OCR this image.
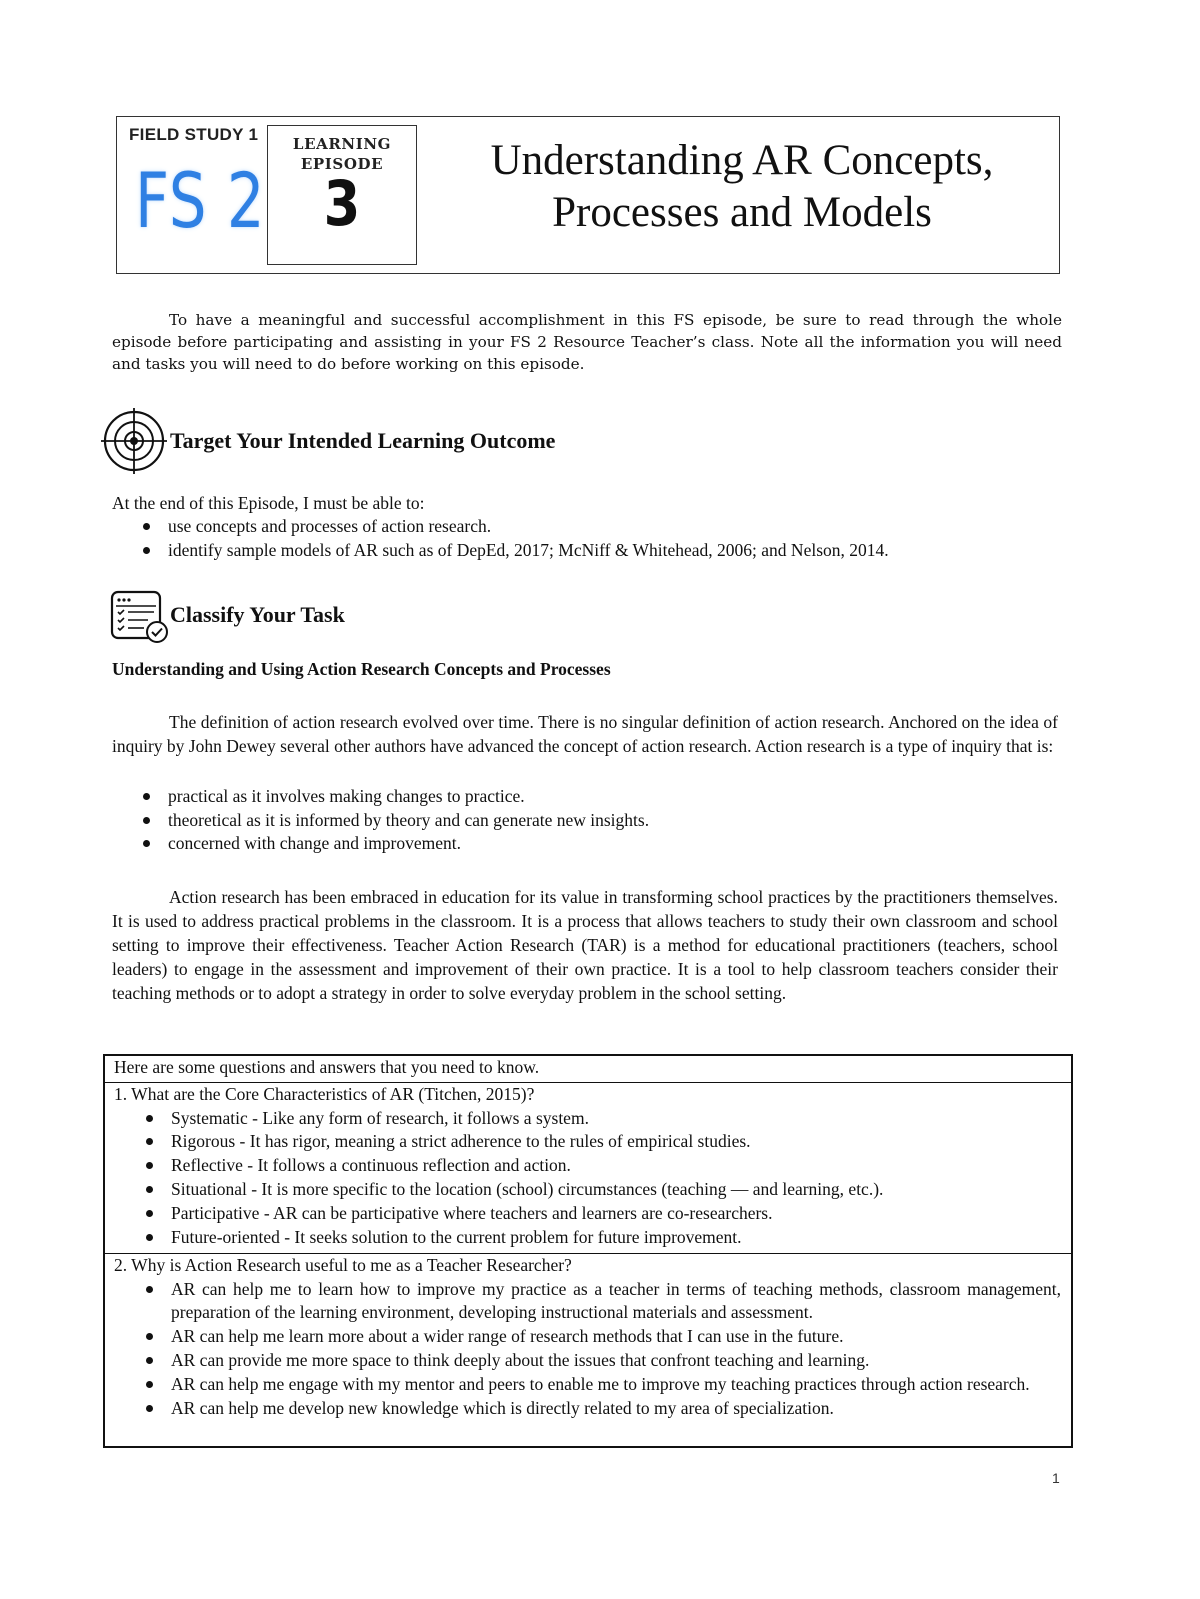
FIELD STUDY 1
FS 2
LEARNING EPISODE
3
Understanding AR Concepts,
Processes and Models

To have a meaningful and successful accomplishment in this FS episode, be sure to read through the whole episode before participating and assisting in your FS 2 Resource Teacher’s class. Note all the information you will need and tasks you will need to do before working on this episode.

Target Your Intended Learning Outcome

At the end of this Episode, I must be able to:

use concepts and processes of action research.
identify sample models of AR such as of DepEd, 2017; McNiff & Whitehead, 2006; and Nelson, 2014.
Classify Your Task
Understanding and Using Action Research Concepts and Processes

The definition of action research evolved over time. There is no singular definition of action research. Anchored on the idea of inquiry by John Dewey several other authors have advanced the concept of action research. Action research is a type of inquiry that is:

practical as it involves making changes to practice.
theoretical as it is informed by theory and can generate new insights.
concerned with change and improvement.

Action research has been embraced in education for its value in transforming school practices by the practitioners themselves. It is used to address practical problems in the classroom. It is a process that allows teachers to study their own classroom and school setting to improve their effectiveness. Teacher Action Research (TAR) is a method for educational practitioners (teachers, school leaders) to engage in the assessment and improvement of their own practice. It is a tool to help classroom teachers consider their teaching methods or to adopt a strategy in order to solve everyday problem in the school setting.

Here are some questions and answers that you need to know.
1. What are the Core Characteristics of AR (Titchen, 2015)?
Systematic - Like any form of research, it follows a system.
Rigorous - It has rigor, meaning a strict adherence to the rules of empirical studies.
Reflective - It follows a continuous reflection and action.
Situational - It is more specific to the location (school) circumstances (teaching — and learning, etc.).
Participative - AR can be participative where teachers and learners are co-researchers.
Future-oriented - It seeks solution to the current problem for future improvement.
2. Why is Action Research useful to me as a Teacher Researcher?
AR can help me to learn how to improve my practice as a teacher in terms of teaching methods, classroom management, preparation of the learning environment, developing instructional materials and assessment.
AR can help me learn more about a wider range of research methods that I can use in the future.
AR can provide me more space to think deeply about the issues that confront teaching and learning.
AR can help me engage with my mentor and peers to enable me to improve my teaching practices through action research.
AR can help me develop new knowledge which is directly related to my area of specialization.
1
